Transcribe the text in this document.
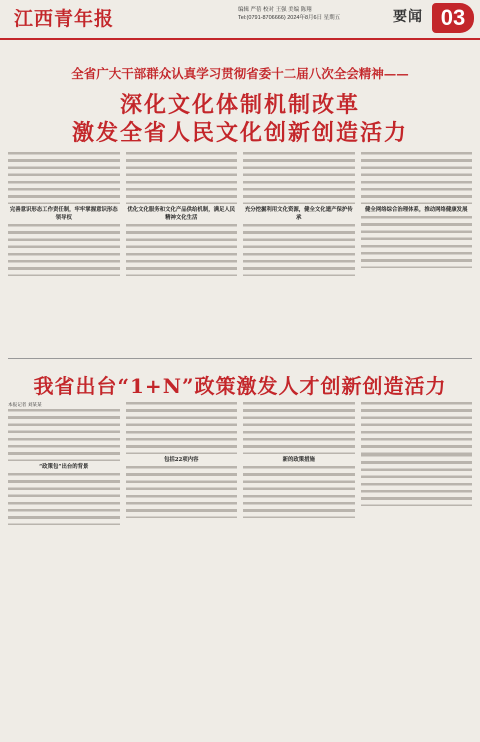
江西青年报	编辑 严蓓 校对 王强 美编 陈翔
Tel:(0791-8706666) 2024年8月6日 星期五	要闻 03
全省广大干部群众认真学习贯彻省委十二届八次全会精神——
深化文化体制机制改革
激发全省人民文化创新创造活力
完善意识形态工作责任制，牢牢掌握意识形态领导权
优化文化服务和文化产品供给机制，满足人民精神文化生活
充分挖掘利用文化资源，健全文化遗产保护传承
健全网络综合治理体系，推动网络健康发展
我省出台“1+N”政策激发人才创新创造活力
本报记者 刘某某
“政策包”出台的背景
包括22项内容	新的政策措施
